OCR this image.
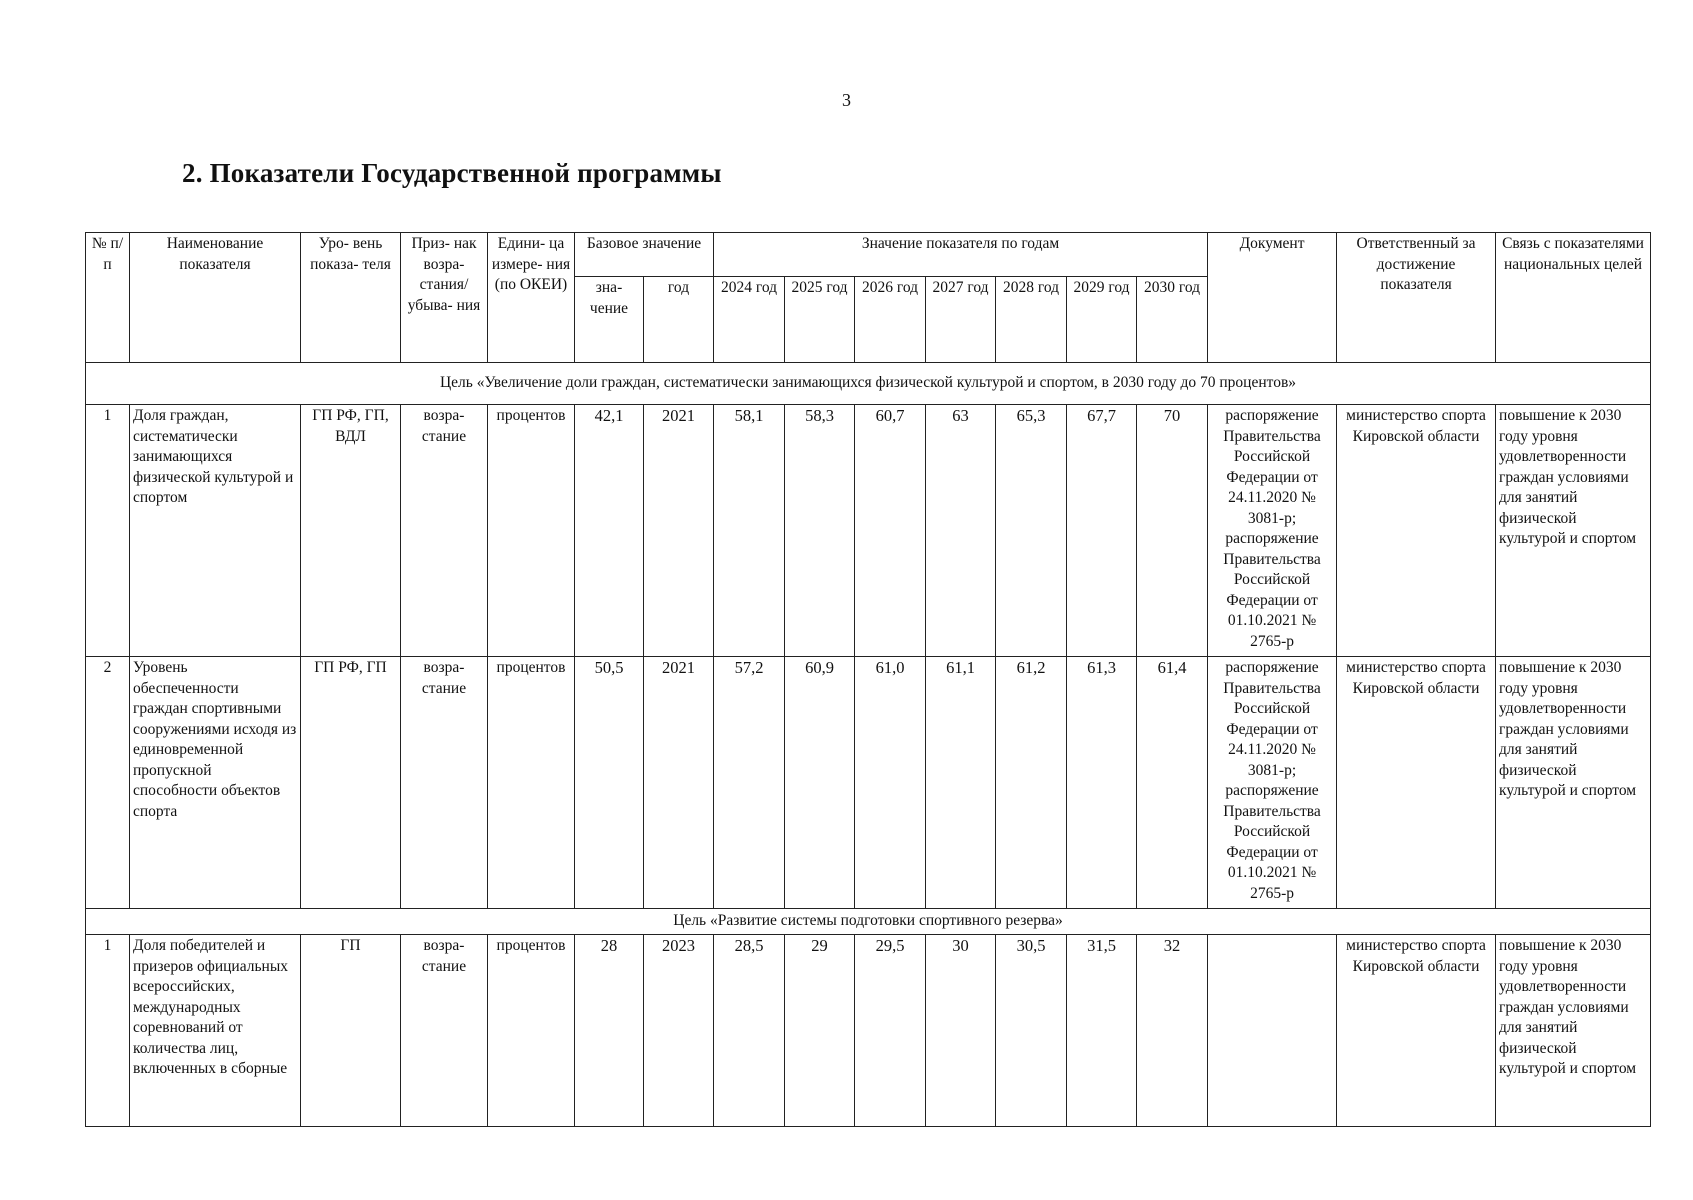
3
2. Показатели Государственной программы
№ п/п	Наименование показателя	Уро- вень показа- теля	Приз- нак возра- стания/ убыва- ния	Едини- ца измере- ния (по ОКЕИ)	Базовое значение		Значение показателя по годам							Документ	Ответственный за достижение показателя	Связь с показателями национальных целей
					зна- чение	год	2024 год	2025 год	2026 год	2027 год	2028 год	2029 год	2030 год			
Цель «Увеличение доли граждан, систематически занимающихся физической культурой и спортом, в 2030 году до 70 процентов»																
1	Доля граждан, систематически занимающихся физической культурой и спортом	ГП РФ, ГП, ВДЛ	возра- стание	процентов	42,1	2021	58,1	58,3	60,7	63	65,3	67,7	70	распоряжение Правительства Российской Федерации от 24.11.2020 № 3081-р; распоряжение Правительства Российской Федерации от 01.10.2021 № 2765-р	министерство спорта Кировской области	повышение к 2030 году уровня удовлетворенности граждан условиями для занятий физической культурой и спортом
2	Уровень обеспеченности граждан спортивными сооружениями исходя из единовременной пропускной способности объектов спорта	ГП РФ, ГП	возра- стание	процентов	50,5	2021	57,2	60,9	61,0	61,1	61,2	61,3	61,4	распоряжение Правительства Российской Федерации от 24.11.2020 № 3081-р; распоряжение Правительства Российской Федерации от 01.10.2021 № 2765-р	министерство спорта Кировской области	повышение к 2030 году уровня удовлетворенности граждан условиями для занятий физической культурой и спортом
Цель «Развитие системы подготовки спортивного резерва»																
1	Доля победителей и призеров официальных всероссийских, международных соревнований от количества лиц, включенных в сборные	ГП	возра- стание	процентов	28	2023	28,5	29	29,5	30	30,5	31,5	32		министерство спорта Кировской области	повышение к 2030 году уровня удовлетворенности граждан условиями для занятий физической культурой и спортом
